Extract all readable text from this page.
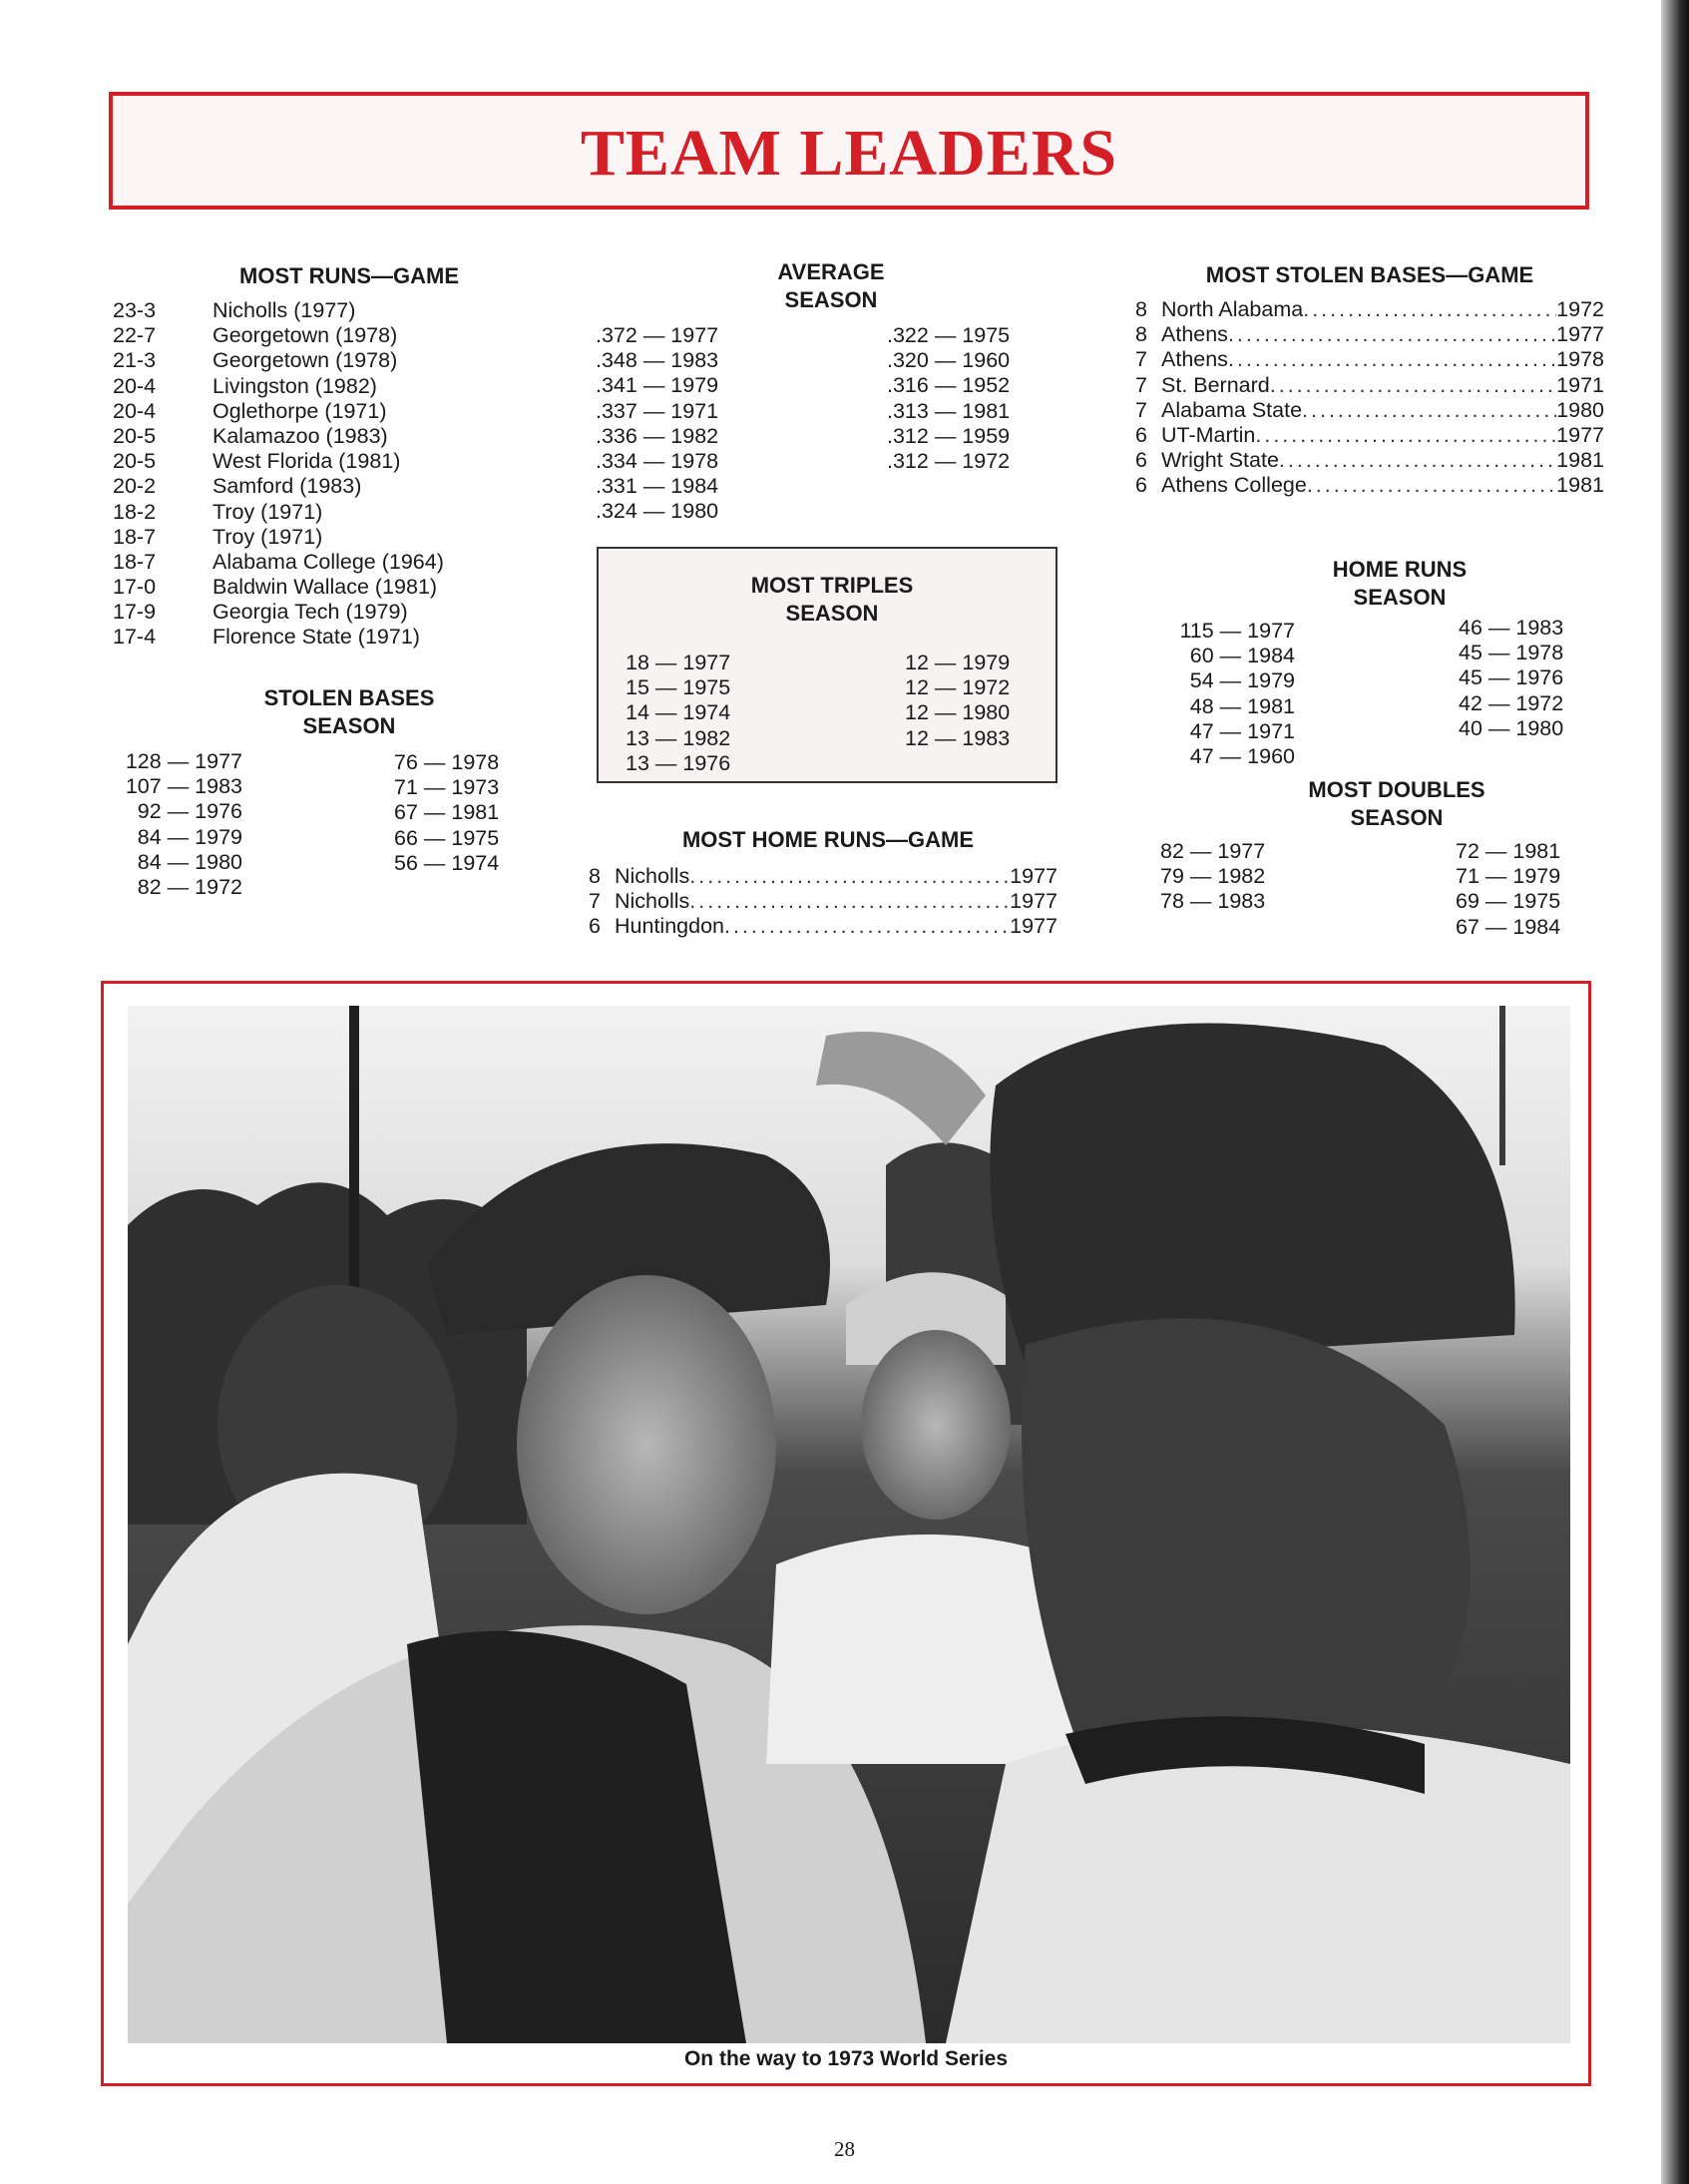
TEAM LEADERS
MOST RUNS—GAME
23-3	Nicholls (1977)
22-7	Georgetown (1978)
21-3	Georgetown (1978)
20-4	Livingston (1982)
20-4	Oglethorpe (1971)
20-5	Kalamazoo (1983)
20-5	West Florida (1981)
20-2	Samford (1983)
18-2	Troy (1971)
18-7	Troy (1971)
18-7	Alabama College (1964)
17-0	Baldwin Wallace (1981)
17-9	Georgia Tech (1979)
17-4	Florence State (1971)
STOLEN BASES
SEASON
128 — 1977
107 — 1983
92 — 1976
84 — 1979
84 — 1980
82 — 1972
76 — 1978
71 — 1973
67 — 1981
66 — 1975
56 — 1974
AVERAGE
SEASON
.372 — 1977
.348 — 1983
.341 — 1979
.337 — 1971
.336 — 1982
.334 — 1978
.331 — 1984
.324 — 1980
.322 — 1975
.320 — 1960
.316 — 1952
.313 — 1981
.312 — 1959
.312 — 1972
MOST TRIPLES
SEASON
18 — 1977
15 — 1975
14 — 1974
13 — 1982
13 — 1976
12 — 1979
12 — 1972
12 — 1980
12 — 1983
MOST HOME RUNS—GAME
8 Nicholls .....	1977
7 Nicholls .....	1977
6 Huntingdon .....	1977
MOST STOLEN BASES—GAME
8 North Alabama .....	1972
8 Athens .....	1977
7 Athens .....	1978
7 St. Bernard .....	1971
7 Alabama State .....	1980
6 UT-Martin .....	1977
6 Wright State .....	1981
6 Athens College .....	1981
HOME RUNS
SEASON
115 — 1977
60 — 1984
54 — 1979
48 — 1981
47 — 1971
47 — 1960
46 — 1983
45 — 1978
45 — 1976
42 — 1972
40 — 1980
MOST DOUBLES
SEASON
82 — 1977
79 — 1982
78 — 1983
72 — 1981
71 — 1979
69 — 1975
67 — 1984
On the way to 1973 World Series
28
